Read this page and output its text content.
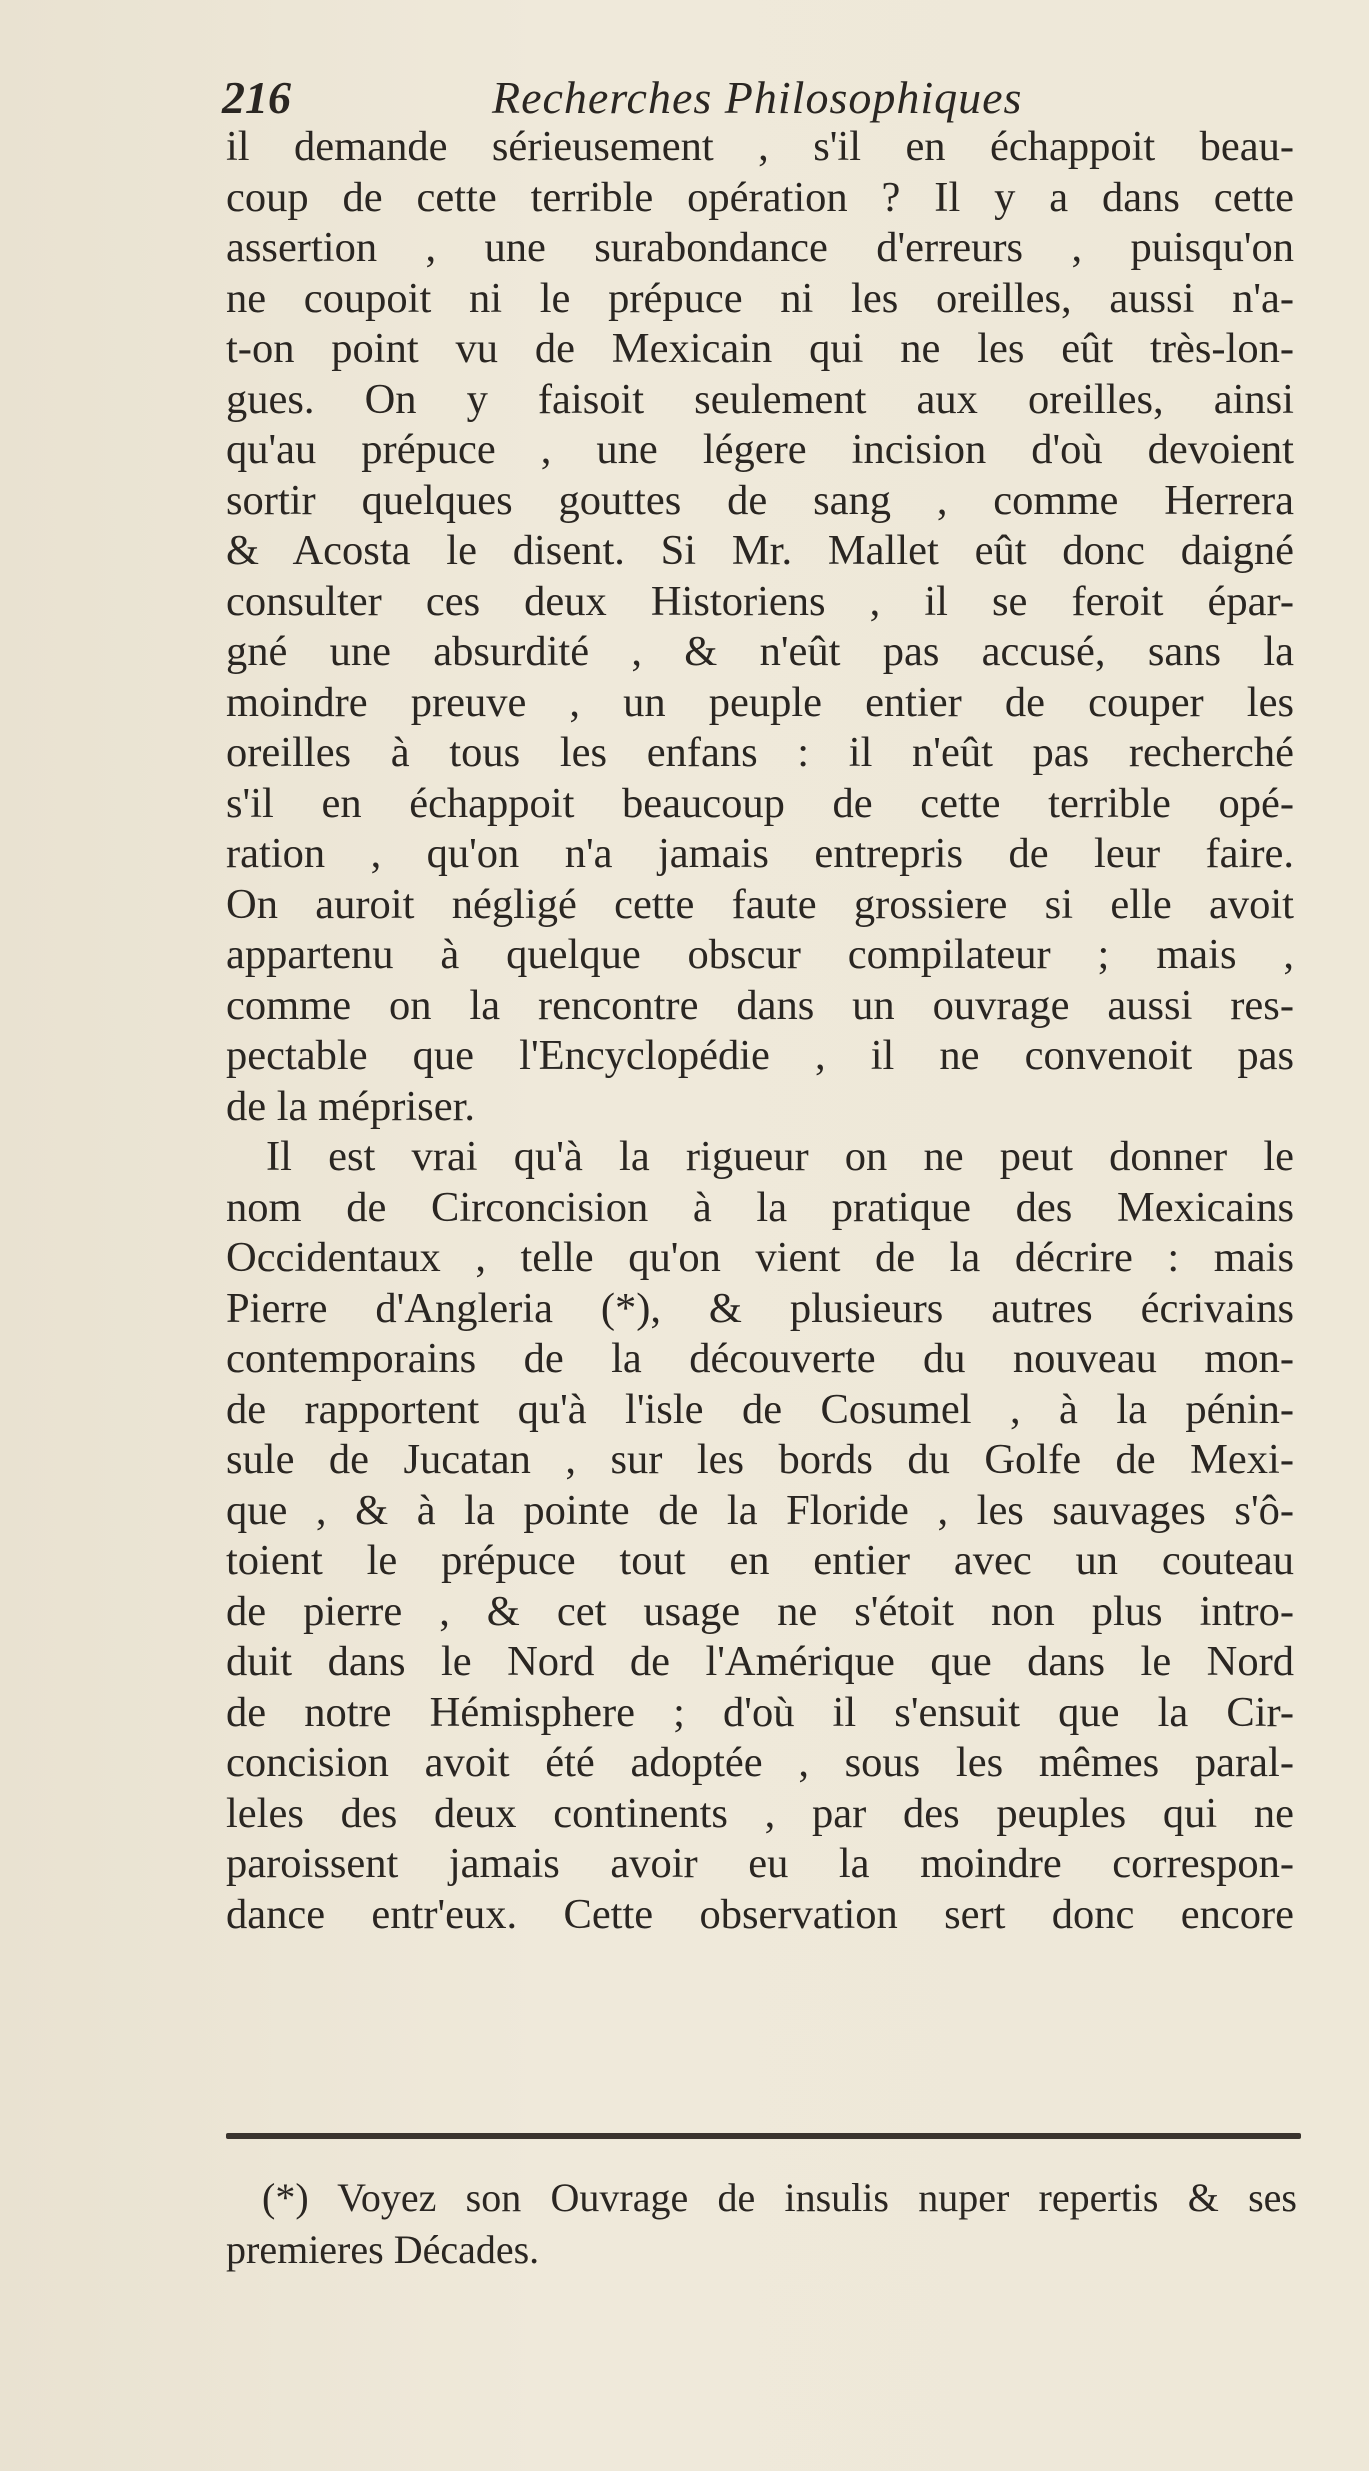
216	Recherches Philosophiques
il demande sérieusement , s'il en échappoit beau-
coup de cette terrible opération ? Il y a dans cette
assertion , une surabondance d'erreurs , puisqu'on
ne coupoit ni le prépuce ni les oreilles, aussi n'a-
t-on point vu de Mexicain qui ne les eût très-lon-
gues. On y faisoit seulement aux oreilles, ainsi
qu'au prépuce , une légere incision d'où devoient
sortir quelques gouttes de sang , comme Herrera
& Acosta le disent. Si Mr. Mallet eût donc daigné
consulter ces deux Historiens , il se feroit épar-
gné une absurdité , & n'eût pas accusé, sans la
moindre preuve , un peuple entier de couper les
oreilles à tous les enfans : il n'eût pas recherché
s'il en échappoit beaucoup de cette terrible opé-
ration , qu'on n'a jamais entrepris de leur faire.
On auroit négligé cette faute grossiere si elle avoit
appartenu à quelque obscur compilateur ; mais ,
comme on la rencontre dans un ouvrage aussi res-
pectable que l'Encyclopédie , il ne convenoit pas
de la mépriser.
Il est vrai qu'à la rigueur on ne peut donner le
nom de Circoncision à la pratique des Mexicains
Occidentaux , telle qu'on vient de la décrire : mais
Pierre d'Angleria (*), & plusieurs autres écrivains
contemporains de la découverte du nouveau mon-
de rapportent qu'à l'isle de Cosumel , à la pénin-
sule de Jucatan , sur les bords du Golfe de Mexi-
que , & à la pointe de la Floride , les sauvages s'ô-
toient le prépuce tout en entier avec un couteau
de pierre , & cet usage ne s'étoit non plus intro-
duit dans le Nord de l'Amérique que dans le Nord
de notre Hémisphere ; d'où il s'ensuit que la Cir-
concision avoit été adoptée , sous les mêmes paral-
leles des deux continents , par des peuples qui ne
paroissent jamais avoir eu la moindre correspon-
dance entr'eux. Cette observation sert donc encore
(*) Voyez son Ouvrage de insulis nuper repertis & ses
premieres Décades.
